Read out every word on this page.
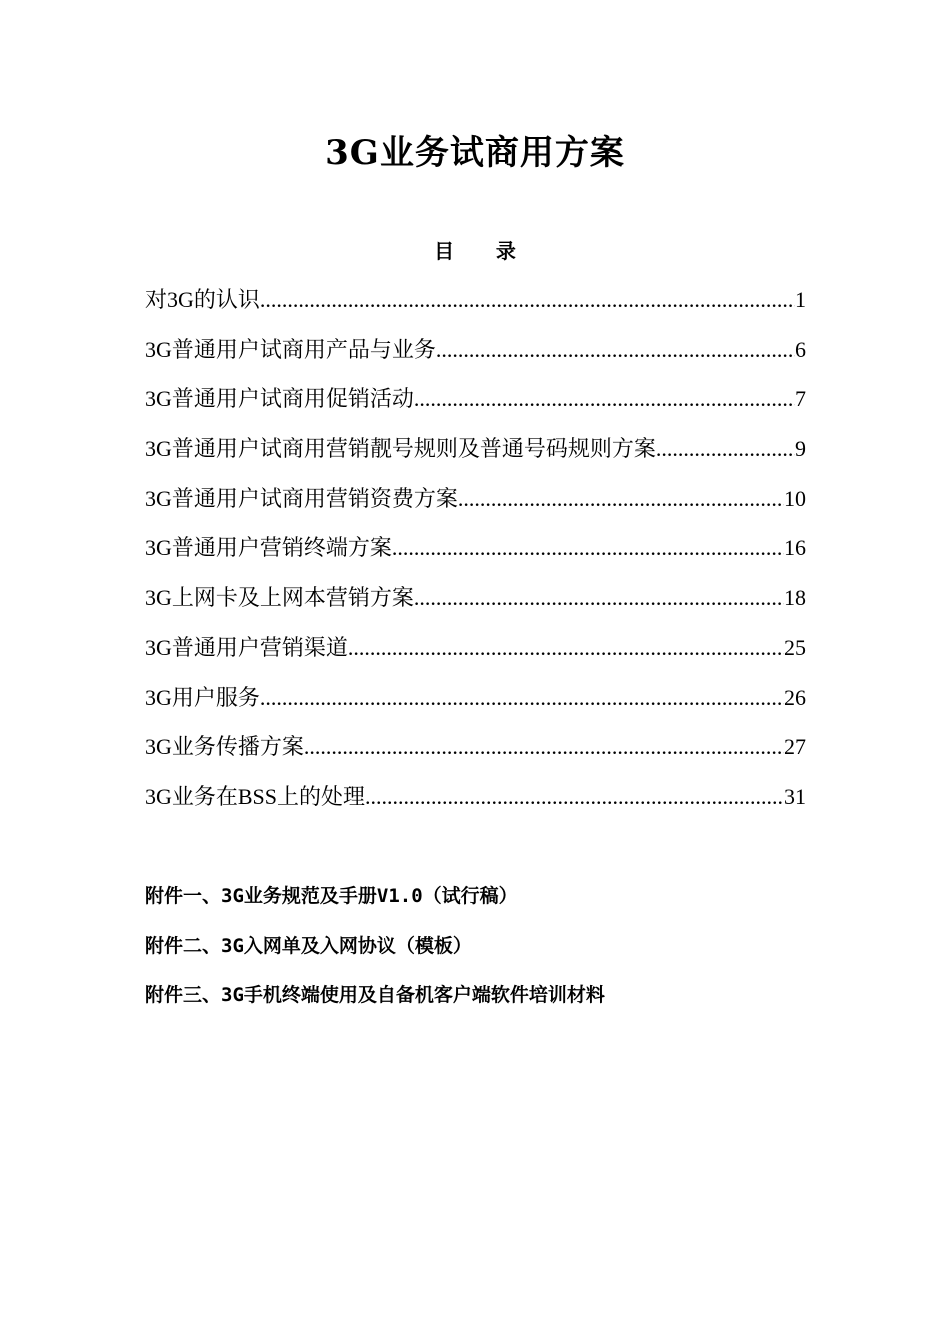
3G业务试商用方案
目      录
对3G的认识 .....	1
3G普通用户试商用产品与业务 .....	6
3G普通用户试商用促销活动 .....	7
3G普通用户试商用营销靓号规则及普通号码规则方案 .....	9
3G普通用户试商用营销资费方案 .....	10
3G普通用户营销终端方案 .....	16
3G上网卡及上网本营销方案 .....	18
3G普通用户营销渠道 .....	25
3G用户服务 .....	26
3G业务传播方案 .....	27
3G业务在BSS上的处理 .....	31
附件一、3G业务规范及手册V1.0（试行稿）
附件二、3G入网单及入网协议（模板）
附件三、3G手机终端使用及自备机客户端软件培训材料
